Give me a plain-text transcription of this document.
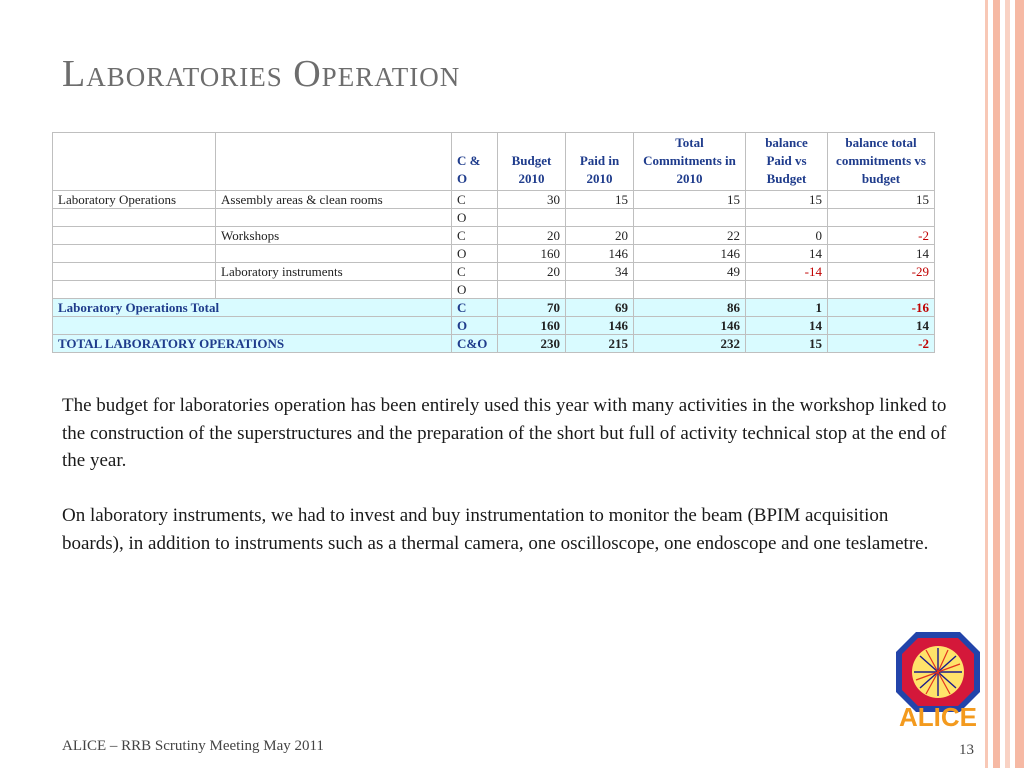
Laboratories Operation
		C & O	Budget 2010	Paid in 2010	Total Commitments in 2010	balance Paid vs Budget	balance total commitments vs budget
Laboratory Operations	Assembly areas & clean rooms	C	30	15	15	15	15
		O					
	Workshops	C	20	20	22	0	-2
		O	160	146	146	14	14
	Laboratory instruments	C	20	34	49	-14	-29
		O					
Laboratory Operations Total		C	70	69	86	1	-16
		O	160	146	146	14	14
TOTAL LABORATORY OPERATIONS		C&O	230	215	232	15	-2

The budget for laboratories operation has been entirely used this year with many activities in the workshop linked to the construction of the superstructures and the preparation of the short but full of activity technical stop at the end of the year.

On laboratory instruments, we had to invest and buy instrumentation to monitor the beam (BPIM acquisition boards), in addition to instruments such as a thermal camera, one oscilloscope, one endoscope and one teslametre.

ALICE
ALICE – RRB Scrutiny Meeting May 2011	13
